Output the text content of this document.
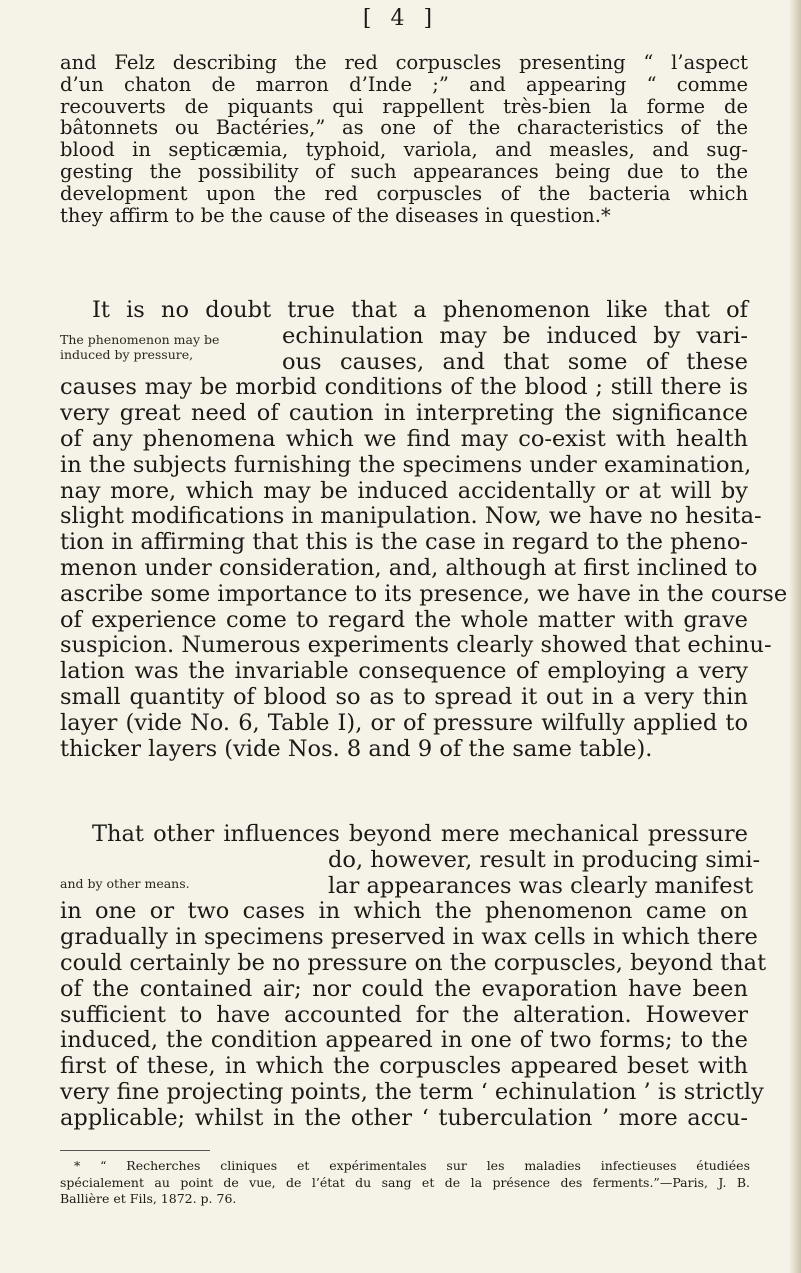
[ 4 ]
and Felz describing the red corpuscles presenting “ l’aspect
d’un chaton de marron d’Inde ;” and appearing “ comme
recouverts de piquants qui rappellent très-bien la forme de
bâtonnets ou Bactéries,” as one of the characteristics of the
blood in septicæmia, typhoid, variola, and measles, and sug-
gesting the possibility of such appearances being due to the
development upon the red corpuscles of the bacteria which
they affirm to be the cause of the diseases in question.*
The phenomenon may be
induced by pressure,
It is no doubt true that a phenomenon like that of
echinulation may be induced by vari-
ous causes, and that some of these
causes may be morbid conditions of the blood ; still there is
very great need of caution in interpreting the significance
of any phenomena which we find may co-exist with health
in the subjects furnishing the specimens under examination,
nay more, which may be induced accidentally or at will by
slight modifications in manipulation. Now, we have no hesita-
tion in affirming that this is the case in regard to the pheno-
menon under consideration, and, although at first inclined to
ascribe some importance to its presence, we have in the course
of experience come to regard the whole matter with grave
suspicion. Numerous experiments clearly showed that echinu-
lation was the invariable consequence of employing a very
small quantity of blood so as to spread it out in a very thin
layer (vide No. 6, Table I), or of pressure wilfully applied to
thicker layers (vide Nos. 8 and 9 of the same table).
and by other means.
That other influences beyond mere mechanical pressure
do, however, result in producing simi-
lar appearances was clearly manifest
in one or two cases in which the phenomenon came on
gradually in specimens preserved in wax cells in which there
could certainly be no pressure on the corpuscles, beyond that
of the contained air; nor could the evaporation have been
sufficient to have accounted for the alteration. However
induced, the condition appeared in one of two forms; to the
first of these, in which the corpuscles appeared beset with
very fine projecting points, the term ‘ echinulation ’ is strictly
applicable; whilst in the other ‘ tuberculation ’ more accu-
* “ Recherches cliniques et expérimentales sur les maladies infectieuses étudiées
spécialement au point de vue, de l’état du sang et de la présence des ferments.”—Paris, J. B.
Ballière et Fils, 1872. p. 76.
